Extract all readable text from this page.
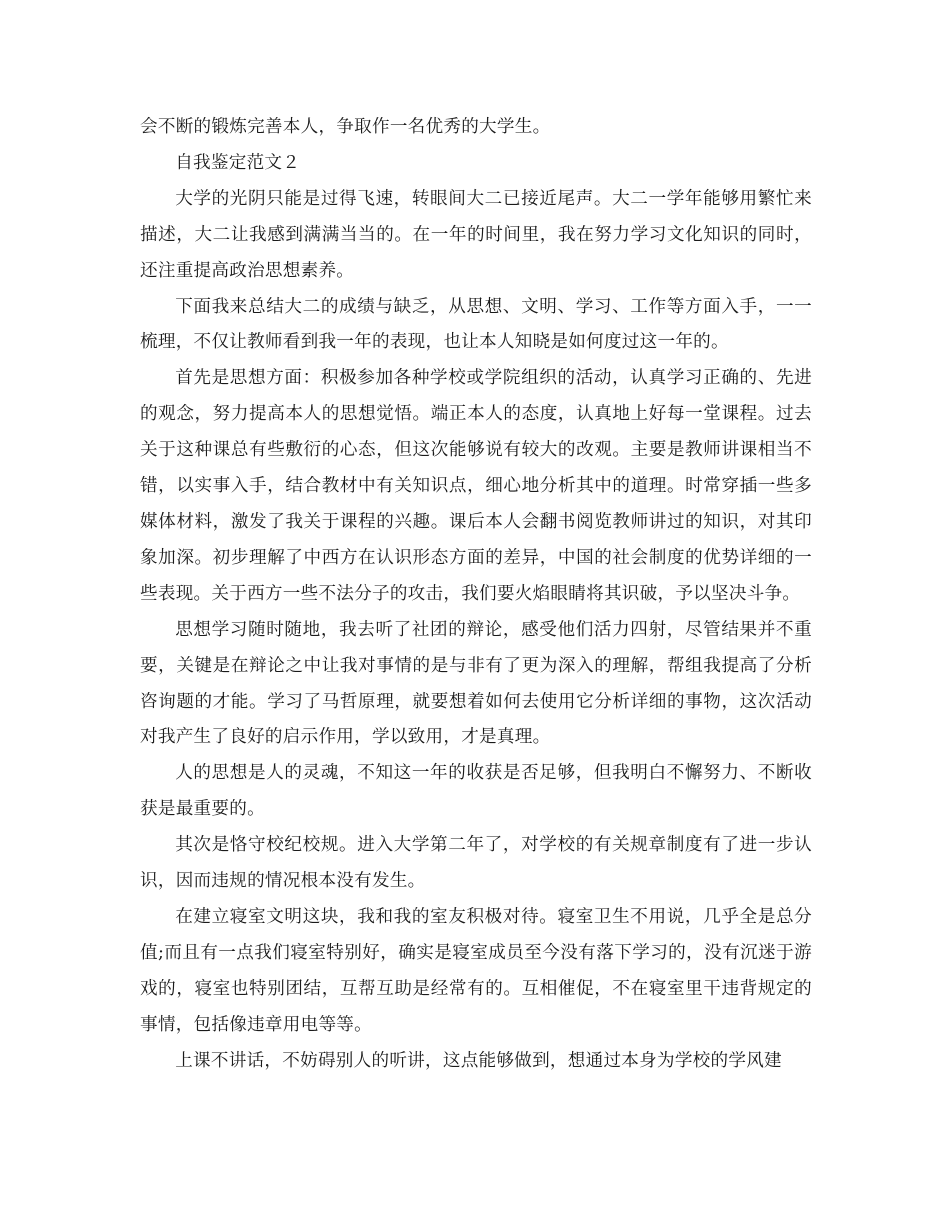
会不断的锻炼完善本人，争取作一名优秀的大学生。

自我鉴定范文２

大学的光阴只能是过得飞速，转眼间大二已接近尾声。大二一学年能够用繁忙来描述，大二让我感到满满当当的。在一年的时间里，我在努力学习文化知识的同时，还注重提高政治思想素养。

下面我来总结大二的成绩与缺乏，从思想、文明、学习、工作等方面入手，一一梳理，不仅让教师看到我一年的表现，也让本人知晓是如何度过这一年的。

首先是思想方面：积极参加各种学校或学院组织的活动，认真学习正确的、先进的观念，努力提高本人的思想觉悟。端正本人的态度，认真地上好每一堂课程。过去关于这种课总有些敷衍的心态，但这次能够说有较大的改观。主要是教师讲课相当不错，以实事入手，结合教材中有关知识点，细心地分析其中的道理。时常穿插一些多媒体材料，激发了我关于课程的兴趣。课后本人会翻书阅览教师讲过的知识，对其印象加深。初步理解了中西方在认识形态方面的差异，中国的社会制度的优势详细的一些表现。关于西方一些不法分子的攻击，我们要火焰眼睛将其识破，予以坚决斗争。

思想学习随时随地，我去听了社团的辩论，感受他们活力四射，尽管结果并不重要，关键是在辩论之中让我对事情的是与非有了更为深入的理解，帮组我提高了分析咨询题的才能。学习了马哲原理，就要想着如何去使用它分析详细的事物，这次活动对我产生了良好的启示作用，学以致用，才是真理。

人的思想是人的灵魂，不知这一年的收获是否足够，但我明白不懈努力、不断收获是最重要的。

其次是恪守校纪校规。进入大学第二年了，对学校的有关规章制度有了进一步认识，因而违规的情况根本没有发生。

在建立寝室文明这块，我和我的室友积极对待。寝室卫生不用说，几乎全是总分值;而且有一点我们寝室特别好，确实是寝室成员至今没有落下学习的，没有沉迷于游戏的，寝室也特别团结，互帮互助是经常有的。互相催促，不在寝室里干违背规定的事情，包括像违章用电等等。

上课不讲话，不妨碍别人的听讲，这点能够做到，想通过本身为学校的学风建
